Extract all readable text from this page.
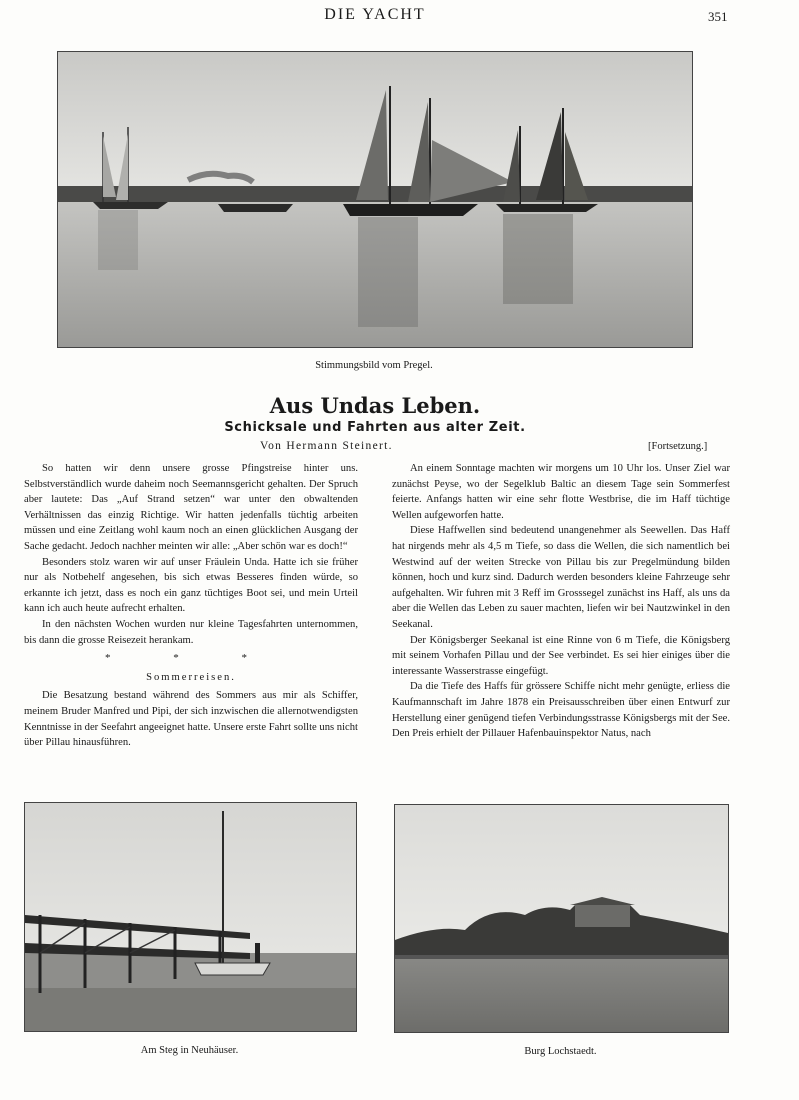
DIE YACHT	351
Stimmungsbild vom Pregel.
Aus Undas Leben.
Schicksale und Fahrten aus alter Zeit.
Von Hermann Steinert.	[Fortsetzung.]

So hatten wir denn unsere grosse Pfingstreise hinter uns. Selbstverständlich wurde daheim noch Seemannsgericht gehalten. Der Spruch aber lautete: Das „Auf Strand setzen“ war unter den obwaltenden Verhältnissen das einzig Richtige. Wir hatten jedenfalls tüchtig arbeiten müssen und eine Zeitlang wohl kaum noch an einen glücklichen Ausgang der Sache gedacht. Jedoch nachher meinten wir alle: „Aber schön war es doch!“

Besonders stolz waren wir auf unser Fräulein Unda. Hatte ich sie früher nur als Notbehelf angesehen, bis sich etwas Besseres finden würde, so erkannte ich jetzt, dass es noch ein ganz tüchtiges Boot sei, und mein Urteil kann ich auch heute aufrecht erhalten.

In den nächsten Wochen wurden nur kleine Tagesfahrten unternommen, bis dann die grosse Reisezeit herankam.

* * *
Sommerreisen.

Die Besatzung bestand während des Sommers aus mir als Schiffer, meinem Bruder Manfred und Pipi, der sich inzwischen die allernotwendigsten Kenntnisse in der Seefahrt angeeignet hatte. Unsere erste Fahrt sollte uns nicht über Pillau hinausführen.

An einem Sonntage machten wir morgens um 10 Uhr los. Unser Ziel war zunächst Peyse, wo der Segelklub Baltic an diesem Tage sein Sommerfest feierte. Anfangs hatten wir eine sehr flotte Westbrise, die im Haff tüchtige Wellen aufgeworfen hatte.

Diese Haffwellen sind bedeutend unangenehmer als Seewellen. Das Haff hat nirgends mehr als 4,5 m Tiefe, so dass die Wellen, die sich namentlich bei Westwind auf der weiten Strecke von Pillau bis zur Pregelmündung bilden können, hoch und kurz sind. Dadurch werden besonders kleine Fahrzeuge sehr aufgehalten. Wir fuhren mit 3 Reff im Grosssegel zunächst ins Haff, als uns da aber die Wellen das Leben zu sauer machten, liefen wir bei Nautzwinkel in den Seekanal.

Der Königsberger Seekanal ist eine Rinne von 6 m Tiefe, die Königsberg mit seinem Vorhafen Pillau und der See verbindet. Es sei hier einiges über die interessante Wasserstrasse eingefügt.

Da die Tiefe des Haffs für grössere Schiffe nicht mehr genügte, erliess die Kaufmannschaft im Jahre 1878 ein Preisausschreiben über einen Entwurf zur Herstellung einer genügend tiefen Verbindungsstrasse Königsbergs mit der See. Den Preis erhielt der Pillauer Hafenbauinspektor Natus, nach

Am Steg in Neuhäuser.	Burg Lochstaedt.
